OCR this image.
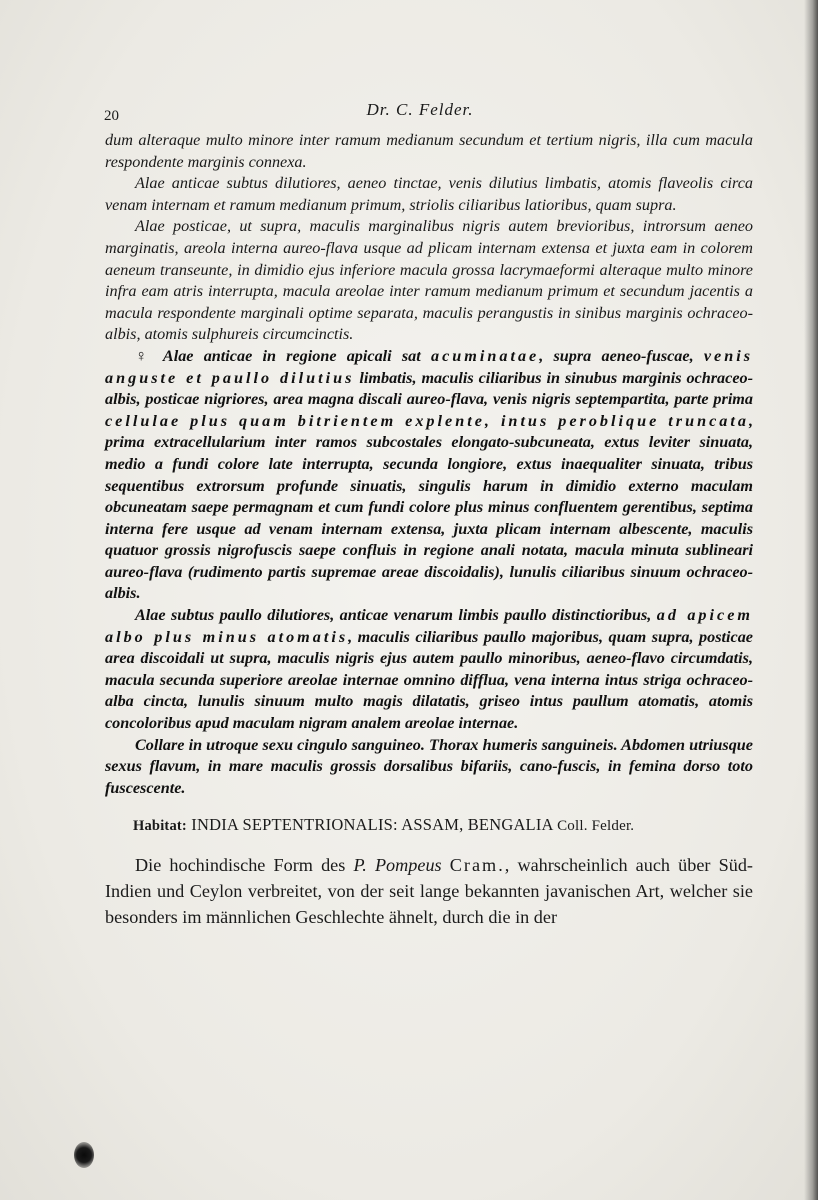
20	Dr. C. Felder.

dum alteraque multo minore inter ramum medianum secundum et tertium nigris, illa cum macula respondente marginis connexa.

Alae anticae subtus dilutiores, aeneo tinctae, venis dilutius limbatis, atomis flaveolis circa venam internam et ramum medianum primum, striolis ciliaribus latioribus, quam supra.

Alae posticae, ut supra, maculis marginalibus nigris autem brevioribus, introrsum aeneo marginatis, areola interna aureo-flava usque ad plicam internam extensa et juxta eam in colorem aeneum transeunte, in dimidio ejus inferiore macula grossa lacrymaeformi alteraque multo minore infra eam atris interrupta, macula areolae inter ramum medianum primum et secundum jacentis a macula respondente marginali optime separata, maculis perangustis in sinibus marginis ochraceo-albis, atomis sulphureis circumcinctis.

♀ Alae anticae in regione apicali sat acuminatae, supra aeneo-fuscae, venis anguste et paullo dilutius limbatis, maculis ciliaribus in sinubus marginis ochraceo-albis, posticae nigriores, area magna discali aureo-flava, venis nigris septempartita, parte prima cellulae plus quam bitrientem explente, intus peroblique truncata, prima extracellularium inter ramos subcostales elongato-subcuneata, extus leviter sinuata, medio a fundi colore late interrupta, secunda longiore, extus inaequaliter sinuata, tribus sequentibus extrorsum profunde sinuatis, singulis harum in dimidio externo maculam obcuneatam saepe permagnam et cum fundi colore plus minus confluentem gerentibus, septima interna fere usque ad venam internam extensa, juxta plicam internam albescente, maculis quatuor grossis nigrofuscis saepe confluis in regione anali notata, macula minuta sublineari aureo-flava (rudimento partis supremae areae discoidalis), lunulis ciliaribus sinuum ochraceo-albis.

Alae subtus paullo dilutiores, anticae venarum limbis paullo distinctioribus, ad apicem albo plus minus atomatis, maculis ciliaribus paullo majoribus, quam supra, posticae area discoidali ut supra, maculis nigris ejus autem paullo minoribus, aeneo-flavo circumdatis, macula secunda superiore areolae internae omnino difflua, vena interna intus striga ochraceo-alba cincta, lunulis sinuum multo magis dilatatis, griseo intus paullum atomatis, atomis concoloribus apud maculam nigram analem areolae internae.

Collare in utroque sexu cingulo sanguineo. Thorax humeris sanguineis. Abdomen utriusque sexus flavum, in mare maculis grossis dorsalibus bifariis, cano-fuscis, in femina dorso toto fuscescente.

Habitat: INDIA SEPTENTRIONALIS: ASSAM, BENGALIA Coll. Felder.

Die hochindische Form des P. Pompeus Cram., wahrscheinlich auch über Süd-Indien und Ceylon verbreitet, von der seit lange bekannten javanischen Art, welcher sie besonders im männlichen Geschlechte ähnelt, durch die in der
